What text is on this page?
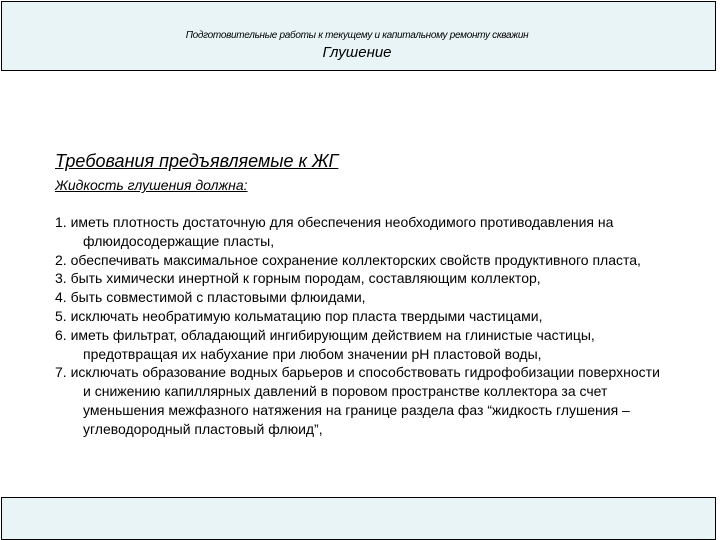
Подготовительные работы к текущему и капитальному ремонту скважин
Глушение
Требования предъявляемые к ЖГ
Жидкость глушения должна:
1. иметь плотность достаточную для обеспечения необходимого противодавления на флюидосодержащие пласты,
2. обеспечивать максимальное сохранение коллекторских свойств продуктивного пласта,
3. быть химически инертной к горным породам, составляющим коллектор,
4. быть совместимой с пластовыми флюидами,
5. исключать необратимую кольматацию пор пласта твердыми частицами,
6. иметь фильтрат, обладающий ингибирующим действием на глинистые частицы, предотвращая их набухание при любом значении рН пластовой воды,
7. исключать образование водных барьеров и способствовать гидрофобизации поверхности и снижению капиллярных давлений в поровом пространстве коллектора за счет уменьшения межфазного натяжения на границе раздела фаз “жидкость глушения – углеводородный пластовый флюид”,
